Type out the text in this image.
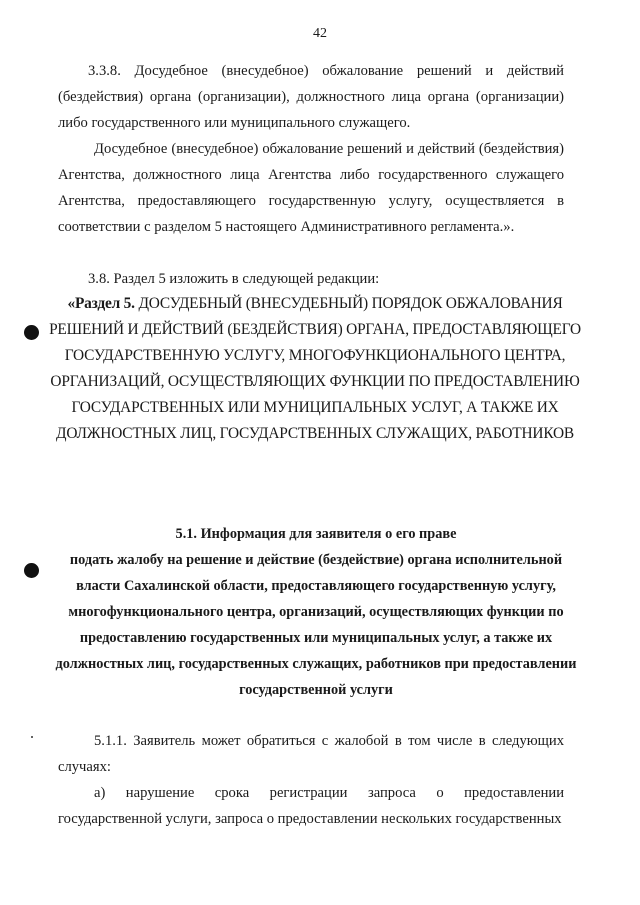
42

3.3.8. Досудебное (внесудебное) обжалование решений и действий (бездействия) органа (организации), должностного лица органа (организации) либо государственного или муниципального служащего.

Досудебное (внесудебное) обжалование решений и действий (бездействия) Агентства, должностного лица Агентства либо государственного служащего Агентства, предоставляющего государственную услугу, осуществляется в соответствии с разделом 5 настоящего Административного регламента.».

3.8. Раздел 5 изложить в следующей редакции:

«Раздел 5. ДОСУДЕБНЫЙ (ВНЕСУДЕБНЫЙ) ПОРЯДОК ОБЖАЛОВАНИЯ РЕШЕНИЙ И ДЕЙСТВИЙ (БЕЗДЕЙСТВИЯ) ОРГАНА, ПРЕДОСТАВЛЯЮЩЕГО ГОСУДАРСТВЕННУЮ УСЛУГУ, МНОГОФУНКЦИОНАЛЬНОГО ЦЕНТРА, ОРГАНИЗАЦИЙ, ОСУЩЕСТВЛЯЮЩИХ ФУНКЦИИ ПО ПРЕДОСТАВЛЕНИЮ ГОСУДАРСТВЕННЫХ ИЛИ МУНИЦИПАЛЬНЫХ УСЛУГ, А ТАКЖЕ ИХ ДОЛЖНОСТНЫХ ЛИЦ, ГОСУДАРСТВЕННЫХ СЛУЖАЩИХ, РАБОТНИКОВ

5.1. Информация для заявителя о его праве

подать жалобу на решение и действие (бездействие) органа исполнительной власти Сахалинской области, предоставляющего государственную услугу, многофункционального центра, организаций, осуществляющих функции по предоставлению государственных или муниципальных услуг, а также их должностных лиц, государственных служащих, работников при предоставлении государственной услуги

5.1.1. Заявитель может обратиться с жалобой в том числе в следующих случаях:

а) нарушение срока регистрации запроса о предоставлении государственной услуги, запроса о предоставлении нескольких государственных
